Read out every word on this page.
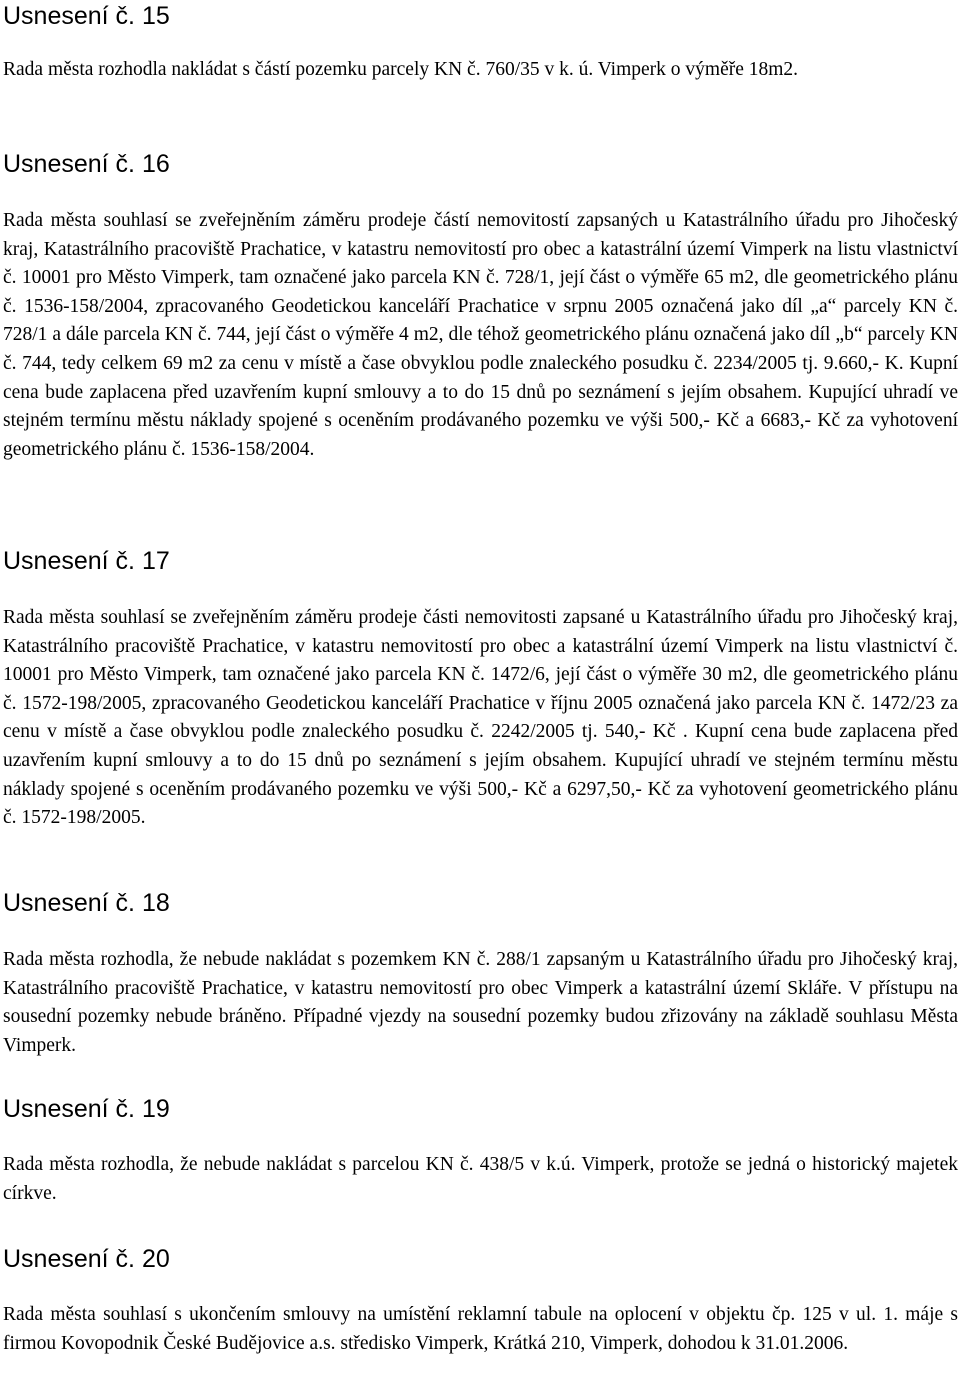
Usnesení č. 15

Rada města rozhodla nakládat s částí pozemku parcely KN č. 760/35 v k. ú. Vimperk o výměře 18m2.

Usnesení č. 16

Rada města souhlasí se zveřejněním záměru prodeje částí nemovitostí zapsaných u Katastrálního úřadu pro Jihočeský kraj, Katastrálního pracoviště Prachatice, v katastru nemovitostí pro obec a katastrální území Vimperk na listu vlastnictví č. 10001 pro Město Vimperk, tam označené jako parcela KN č. 728/1, její část o výměře 65 m2, dle geometrického plánu č. 1536-158/2004, zpracovaného Geodetickou kanceláří Prachatice v srpnu 2005 označená jako díl „a“ parcely KN č. 728/1 a dále parcela KN č. 744, její část o výměře 4 m2, dle téhož geometrického plánu označená jako díl „b“ parcely KN č. 744, tedy celkem 69 m2 za cenu v místě a čase obvyklou podle znaleckého posudku č. 2234/2005 tj. 9.660,- K. Kupní cena bude zaplacena před uzavřením kupní smlouvy a to do 15 dnů po seznámení s jejím obsahem. Kupující uhradí ve stejném termínu městu náklady spojené s oceněním prodávaného pozemku ve výši 500,- Kč a 6683,- Kč za vyhotovení geometrického plánu č. 1536-158/2004.

Usnesení č. 17

Rada města souhlasí se zveřejněním záměru prodeje části nemovitosti zapsané u Katastrálního úřadu pro Jihočeský kraj, Katastrálního pracoviště Prachatice, v katastru nemovitostí pro obec a katastrální území Vimperk na listu vlastnictví č. 10001 pro Město Vimperk, tam označené jako parcela KN č. 1472/6, její část o výměře 30 m2, dle geometrického plánu č. 1572-198/2005, zpracovaného Geodetickou kanceláří Prachatice v říjnu 2005 označená jako parcela KN č. 1472/23 za cenu v místě a čase obvyklou podle znaleckého posudku č. 2242/2005 tj. 540,- Kč . Kupní cena bude zaplacena před uzavřením kupní smlouvy a to do 15 dnů po seznámení s jejím obsahem. Kupující uhradí ve stejném termínu městu náklady spojené s oceněním prodávaného pozemku ve výši 500,- Kč a 6297,50,- Kč za vyhotovení geometrického plánu č. 1572-198/2005.

Usnesení č. 18

Rada města rozhodla, že nebude nakládat s pozemkem KN č. 288/1 zapsaným u Katastrálního úřadu pro Jihočeský kraj, Katastrálního pracoviště Prachatice, v katastru nemovitostí pro obec Vimperk a katastrální území Skláře. V přístupu na sousední pozemky nebude bráněno. Případné vjezdy na sousední pozemky budou zřizovány na základě souhlasu Města Vimperk.

Usnesení č. 19

Rada města rozhodla, že nebude nakládat s parcelou KN č. 438/5 v k.ú. Vimperk, protože se jedná o historický majetek církve.

Usnesení č. 20

Rada města souhlasí s ukončením smlouvy na umístění reklamní tabule na oplocení v objektu čp. 125 v ul. 1. máje s firmou Kovopodnik České Budějovice a.s. středisko Vimperk, Krátká 210, Vimperk, dohodou k 31.01.2006.
